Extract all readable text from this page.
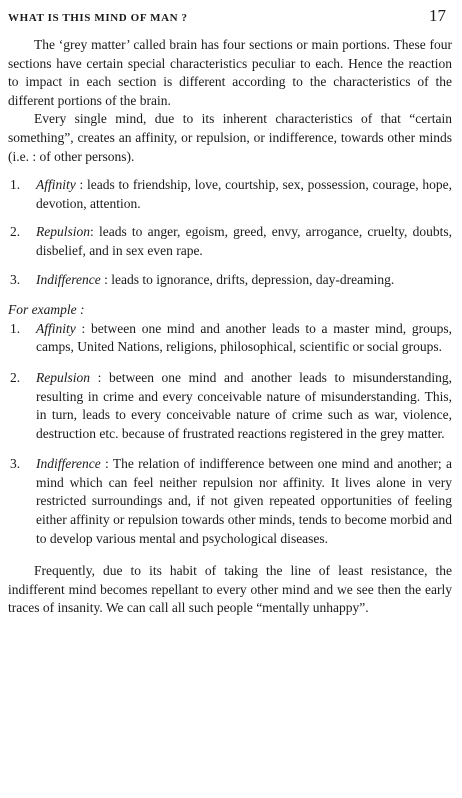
WHAT IS THIS MIND OF MAN ?	17

The ‘grey matter’ called brain has four sections or main portions. These four sections have certain special characteristics peculiar to each. Hence the reaction to impact in each section is different according to the characteristics of the different portions of the brain.

Every single mind, due to its inherent characteristics of that “certain something”, creates an affinity, or repulsion, or indifference, towards other minds (i.e. : of other persons).

1.	Affinity : leads to friendship, love, courtship, sex, possession, courage, hope, devotion, attention.
2.	Repulsion: leads to anger, egoism, greed, envy, arrogance, cruelty, doubts, disbelief, and in sex even rape.
3.	Indifference : leads to ignorance, drifts, depression, day-dreaming.
For example :
1.	Affinity : between one mind and another leads to a master mind, groups, camps, United Nations, religions, philosophical, scientific or social groups.
2.	Repulsion : between one mind and another leads to misunderstanding, resulting in crime and every conceivable nature of misunderstanding. This, in turn, leads to every conceivable nature of crime such as war, violence, destruction etc. because of frustrated reactions registered in the grey matter.
3.	Indifference : The relation of indifference between one mind and another; a mind which can feel neither repulsion nor affinity. It lives alone in very restricted surroundings and, if not given repeated opportunities of feeling either affinity or repulsion towards other minds, tends to become morbid and to develop various mental and psychological diseases.

Frequently, due to its habit of taking the line of least resistance, the indifferent mind becomes repellant to every other mind and we see then the early traces of insanity. We can call all such people “mentally unhappy”.
